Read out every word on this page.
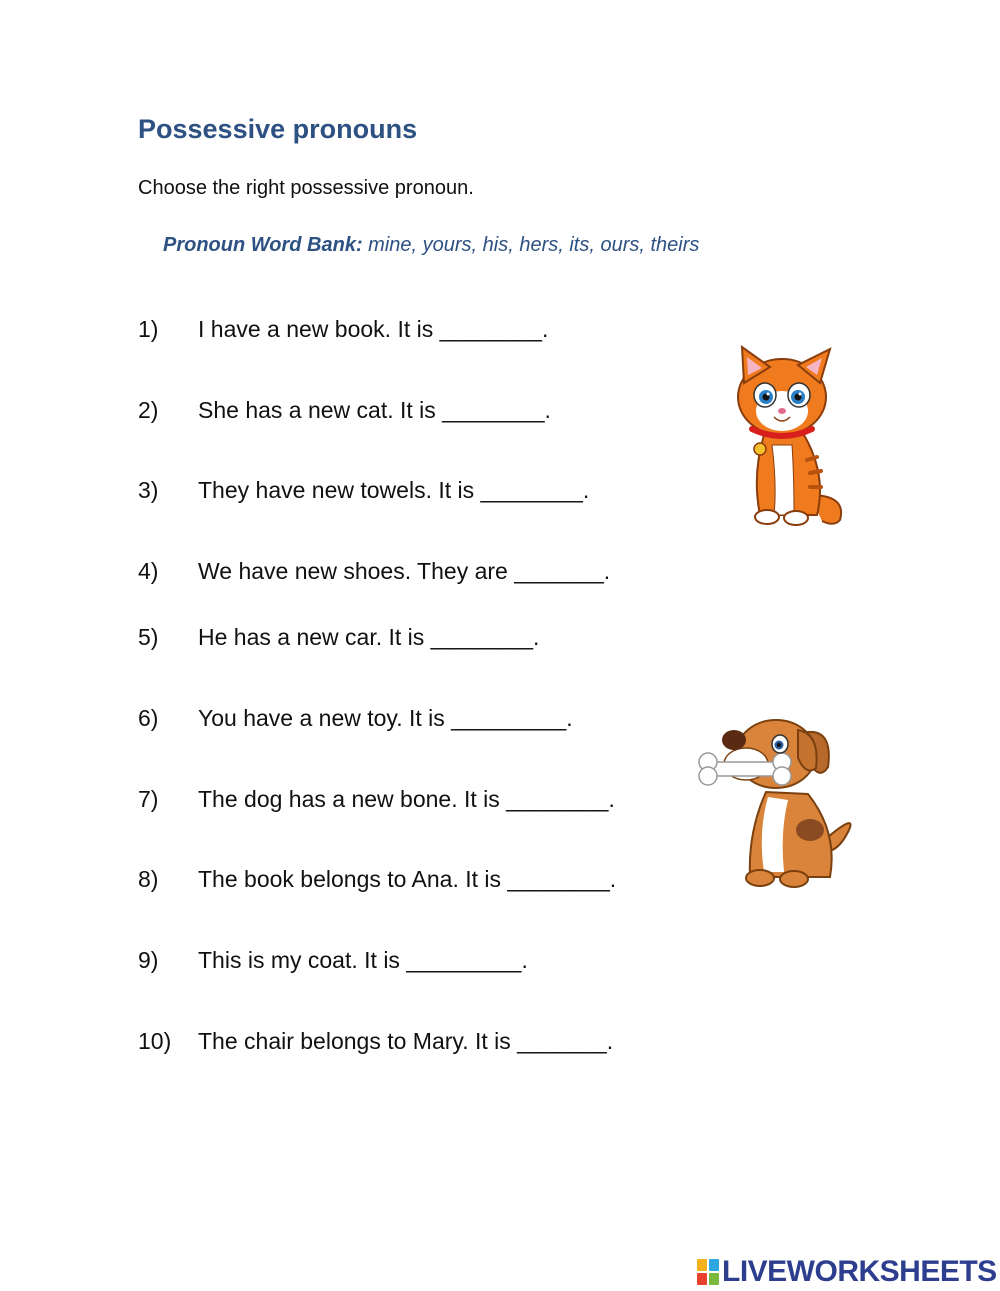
Possessive pronouns
Choose the right possessive pronoun.
Pronoun Word Bank: mine, yours, his, hers, its, ours, theirs
1) I have a new book. It is ________.
2) She has a new cat. It is ________.
3) They have new towels. It is ________.
4) We have new shoes. They are _______.
5) He has a new car. It is ________.
6) You have a new toy. It is _________.
7) The dog has a new bone. It is ________.
8) The book belongs to Ana. It is ________.
9) This is my coat. It is _________.
10) The chair belongs to Mary. It is _______.
LIVEWORKSHEETS
